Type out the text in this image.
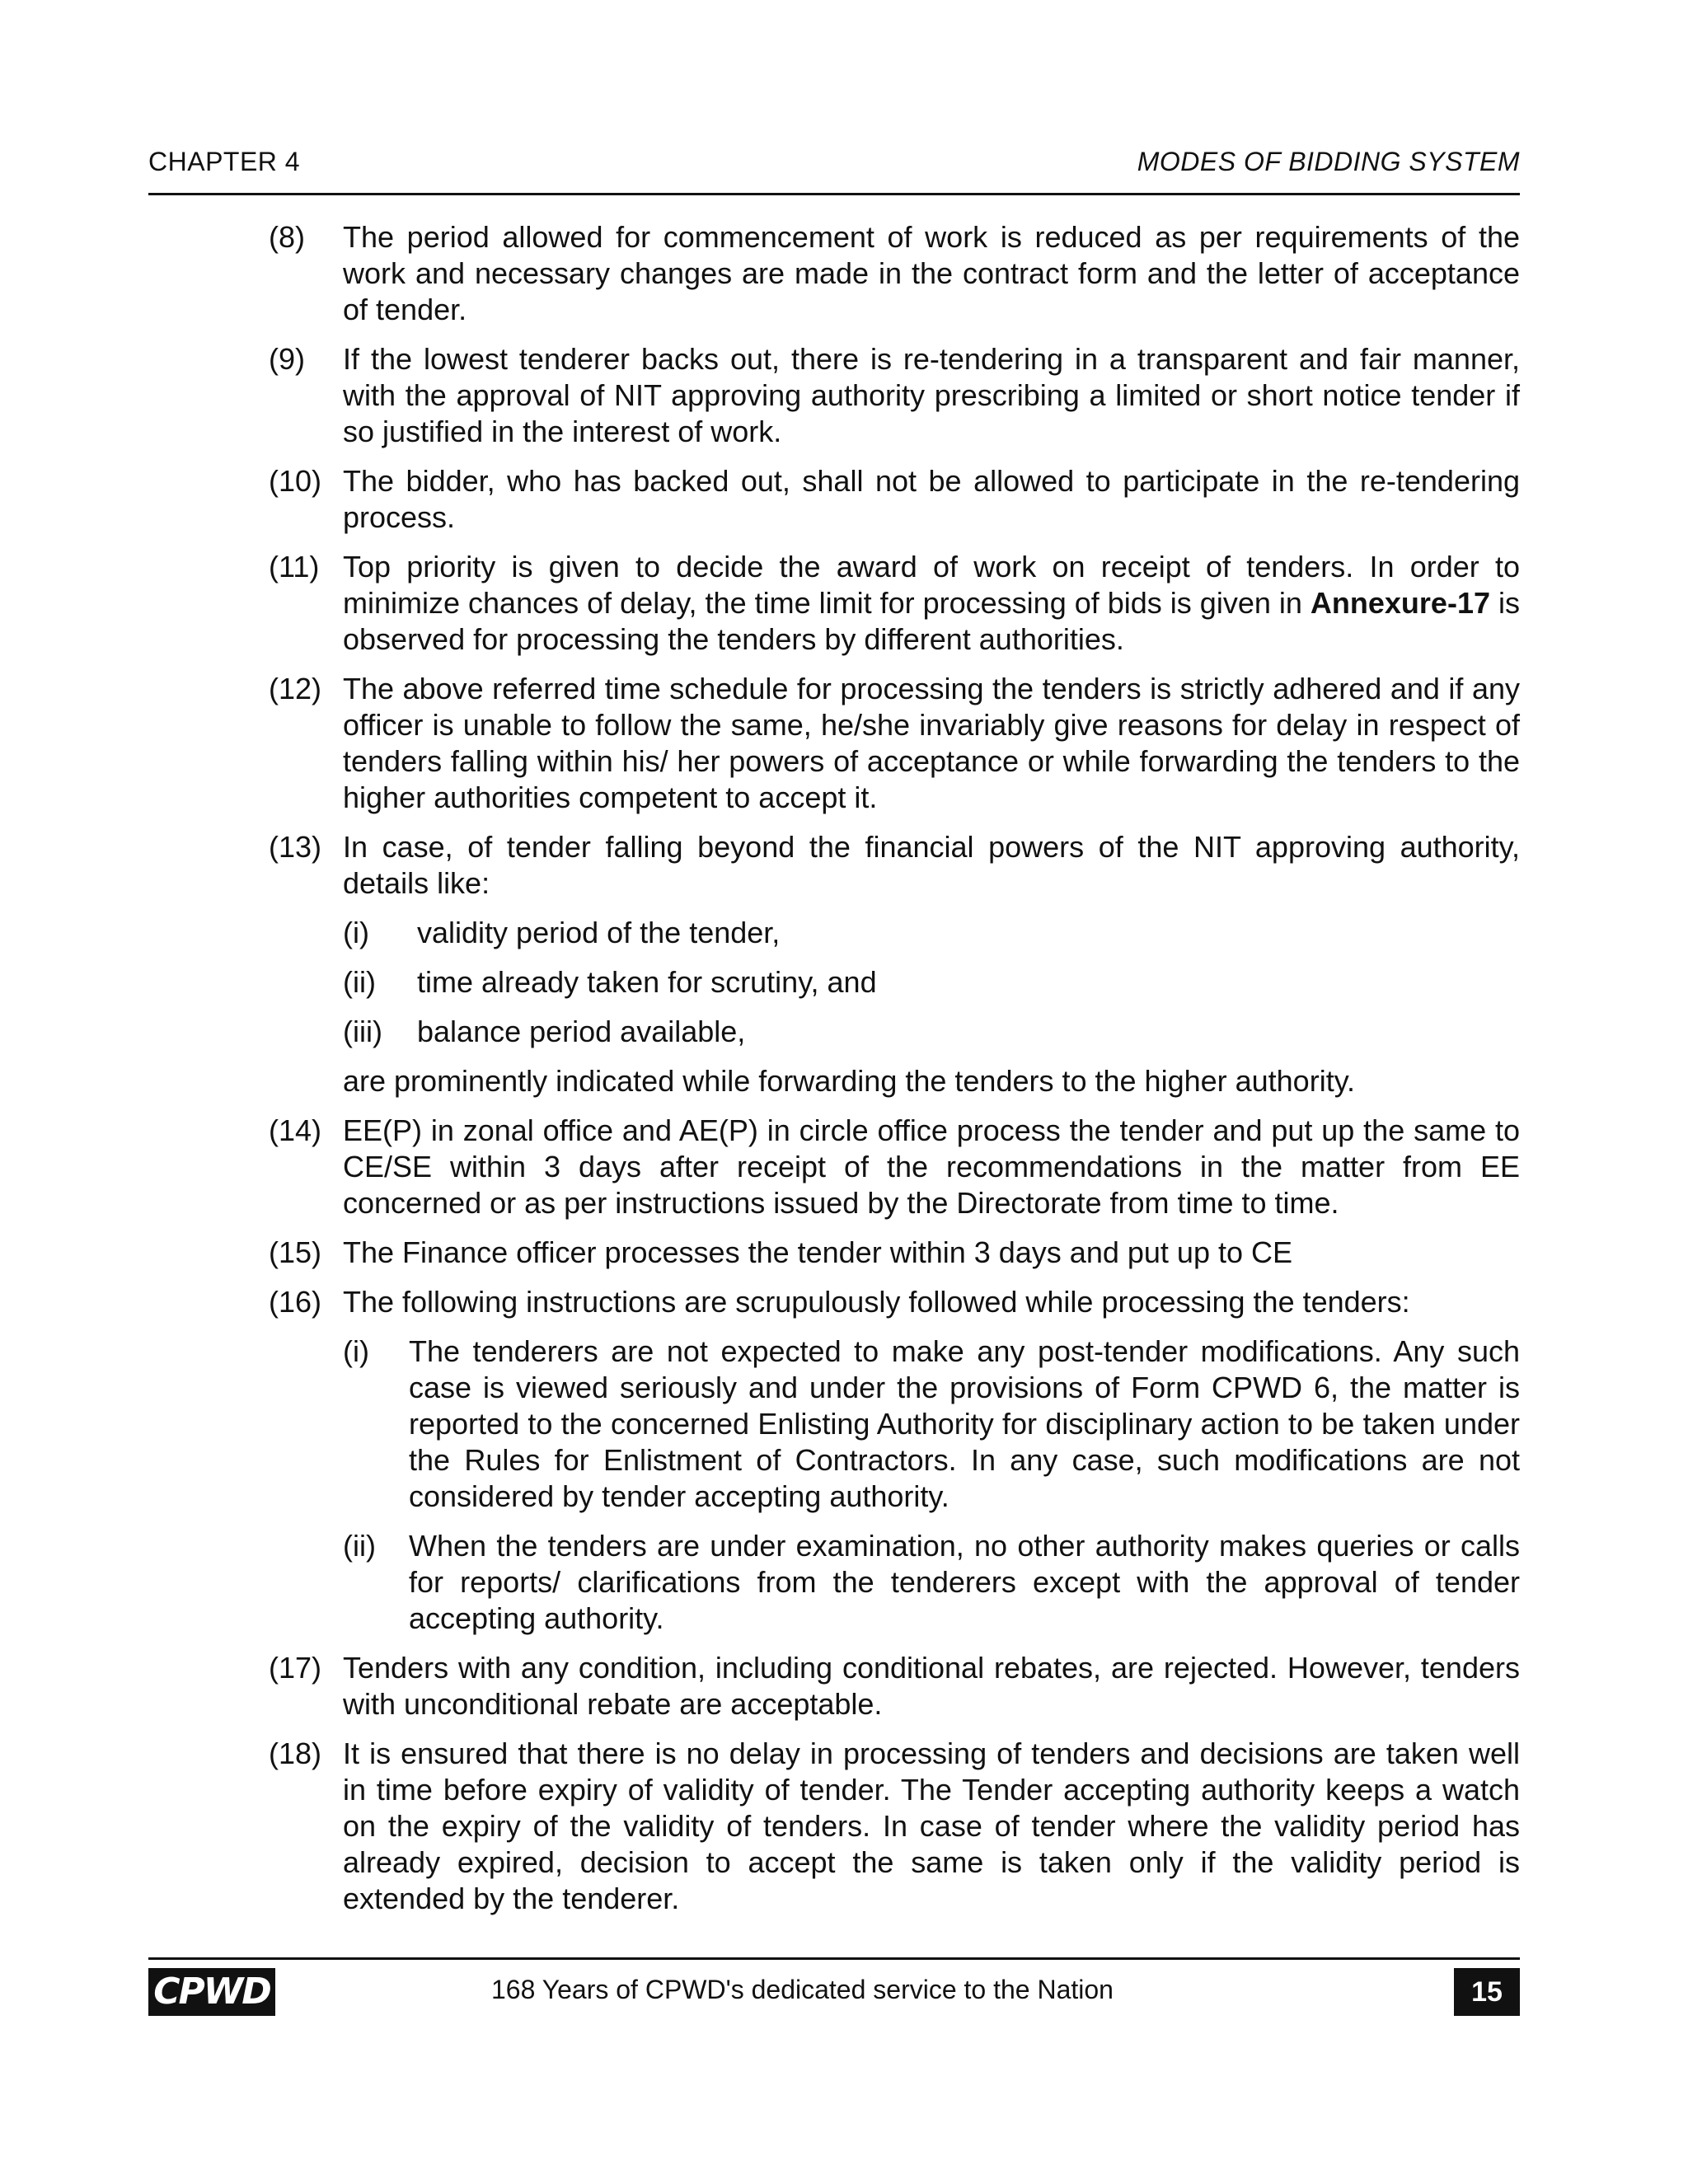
CHAPTER 4	MODES OF BIDDING SYSTEM
(8) The period allowed for commencement of work is reduced as per requirements of the work and necessary changes are made in the contract form and the letter of acceptance of tender.
(9) If the lowest tenderer backs out, there is re-tendering in a transparent and fair manner, with the approval of NIT approving authority prescribing a limited or short notice tender if so justified in the interest of work.
(10) The bidder, who has backed out, shall not be allowed to participate in the re-tendering process.
(11) Top priority is given to decide the award of work on receipt of tenders. In order to minimize chances of delay, the time limit for processing of bids is given in Annexure-17 is observed for processing the tenders by different authorities.
(12) The above referred time schedule for processing the tenders is strictly adhered and if any officer is unable to follow the same, he/she invariably give reasons for delay in respect of tenders falling within his/ her powers of acceptance or while forwarding the tenders to the higher authorities competent to accept it.
(13) In case, of tender falling beyond the financial powers of the NIT approving authority, details like:
(i) validity period of the tender,
(ii) time already taken for scrutiny, and
(iii) balance period available,
are prominently indicated while forwarding the tenders to the higher authority.
(14) EE(P) in zonal office and AE(P) in circle office process the tender and put up the same to CE/SE within 3 days after receipt of the recommendations in the matter from EE concerned or as per instructions issued by the Directorate from time to time.
(15) The Finance officer processes the tender within 3 days and put up to CE
(16) The following instructions are scrupulously followed while processing the tenders:
(i) The tenderers are not expected to make any post-tender modifications. Any such case is viewed seriously and under the provisions of Form CPWD 6, the matter is reported to the concerned Enlisting Authority for disciplinary action to be taken under the Rules for Enlistment of Contractors. In any case, such modifications are not considered by tender accepting authority.
(ii) When the tenders are under examination, no other authority makes queries or calls for reports/ clarifications from the tenderers except with the approval of tender accepting authority.
(17) Tenders with any condition, including conditional rebates, are rejected. However, tenders with unconditional rebate are acceptable.
(18) It is ensured that there is no delay in processing of tenders and decisions are taken well in time before expiry of validity of tender. The Tender accepting authority keeps a watch on the expiry of the validity of tenders. In case of tender where the validity period has already expired, decision to accept the same is taken only if the validity period is extended by the tenderer.
CPWD	168 Years of CPWD's dedicated service to the Nation	15
